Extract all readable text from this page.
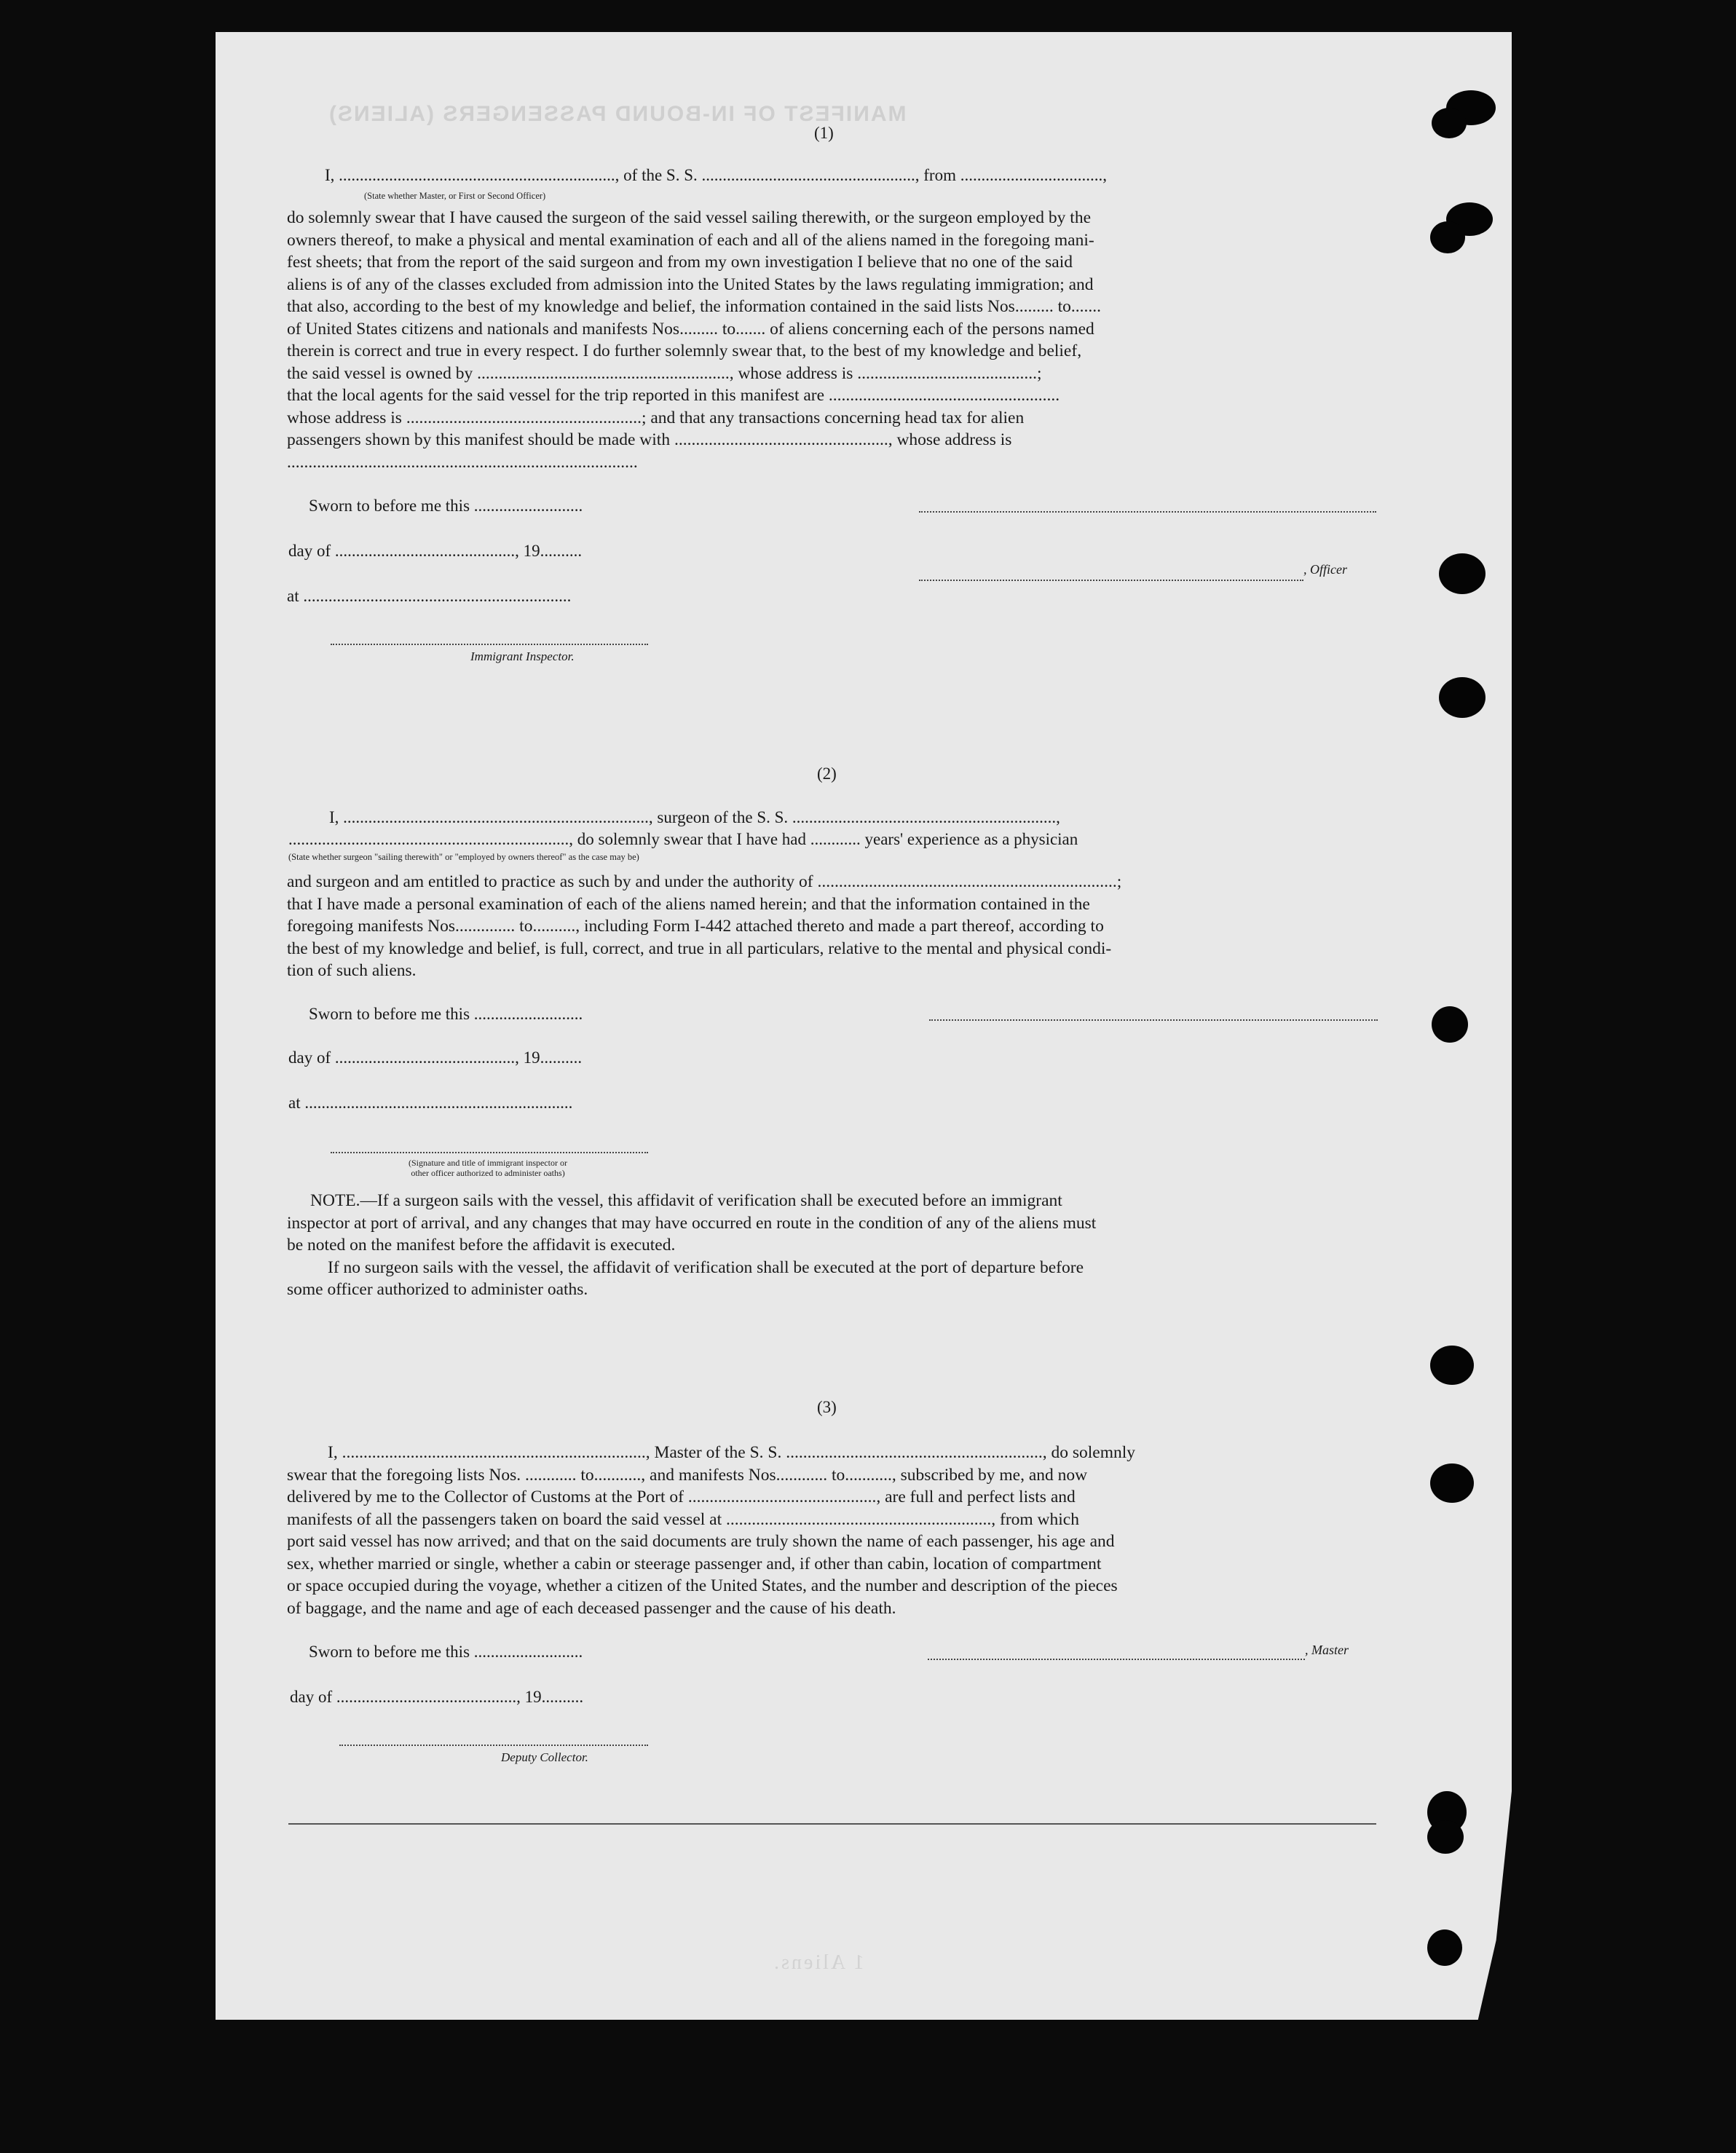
MANIFEST OF IN-BOUND PASSENGERS (ALIENS)
1 Aliens.
(1)
I, .................................................................., of the S. S. ..................................................., from ..................................,
(State whether Master, or First or Second Officer)
do solemnly swear that I have caused the surgeon of the said vessel sailing therewith, or the surgeon employed by the
owners thereof, to make a physical and mental examination of each and all of the aliens named in the foregoing mani-
fest sheets; that from the report of the said surgeon and from my own investigation I believe that no one of the said
aliens is of any of the classes excluded from admission into the United States by the laws regulating immigration; and
that also, according to the best of my knowledge and belief, the information contained in the said lists Nos......... to.......
of United States citizens and nationals and manifests Nos......... to....... of aliens concerning each of the persons named
therein is correct and true in every respect. I do further solemnly swear that, to the best of my knowledge and belief,
the said vessel is owned by ..........................................................., whose address is ..........................................;
that the local agents for the said vessel for the trip reported in this manifest are ......................................................
whose address is .......................................................; and that any transactions concerning head tax for alien
passengers shown by this manifest should be made with .................................................., whose address is
..................................................................................
Sworn to before me this ..........................
day of ..........................................., 19..........
at ................................................................
, Officer
Immigrant Inspector.
(2)
I, ........................................................................., surgeon of the S. S. ...............................................................,
..................................................................., do solemnly swear that I have had ............ years' experience as a physician
(State whether surgeon "sailing therewith" or "employed by owners thereof" as the case may be)
and surgeon and am entitled to practice as such by and under the authority of ......................................................................;
that I have made a personal examination of each of the aliens named herein; and that the information contained in the
foregoing manifests Nos.............. to.........., including Form I-442 attached thereto and made a part thereof, according to
the best of my knowledge and belief, is full, correct, and true in all particulars, relative to the mental and physical condi-
tion of such aliens.
Sworn to before me this ..........................
day of ..........................................., 19..........
at ................................................................
(Signature and title of immigrant inspector or
other officer authorized to administer oaths)
NOTE.—If a surgeon sails with the vessel, this affidavit of verification shall be executed before an immigrant
inspector at port of arrival, and any changes that may have occurred en route in the condition of any of the aliens must
be noted on the manifest before the affidavit is executed.
If no surgeon sails with the vessel, the affidavit of verification shall be executed at the port of departure before
some officer authorized to administer oaths.
(3)
I, ......................................................................., Master of the S. S. ............................................................, do solemnly
swear that the foregoing lists Nos. ............ to..........., and manifests Nos............ to..........., subscribed by me, and now
delivered by me to the Collector of Customs at the Port of ............................................, are full and perfect lists and
manifests of all the passengers taken on board the said vessel at .............................................................., from which
port said vessel has now arrived; and that on the said documents are truly shown the name of each passenger, his age and
sex, whether married or single, whether a cabin or steerage passenger and, if other than cabin, location of compartment
or space occupied during the voyage, whether a citizen of the United States, and the number and description of the pieces
of baggage, and the name and age of each deceased passenger and the cause of his death.
Sworn to before me this ..........................
day of ..........................................., 19..........
, Master
Deputy Collector.
